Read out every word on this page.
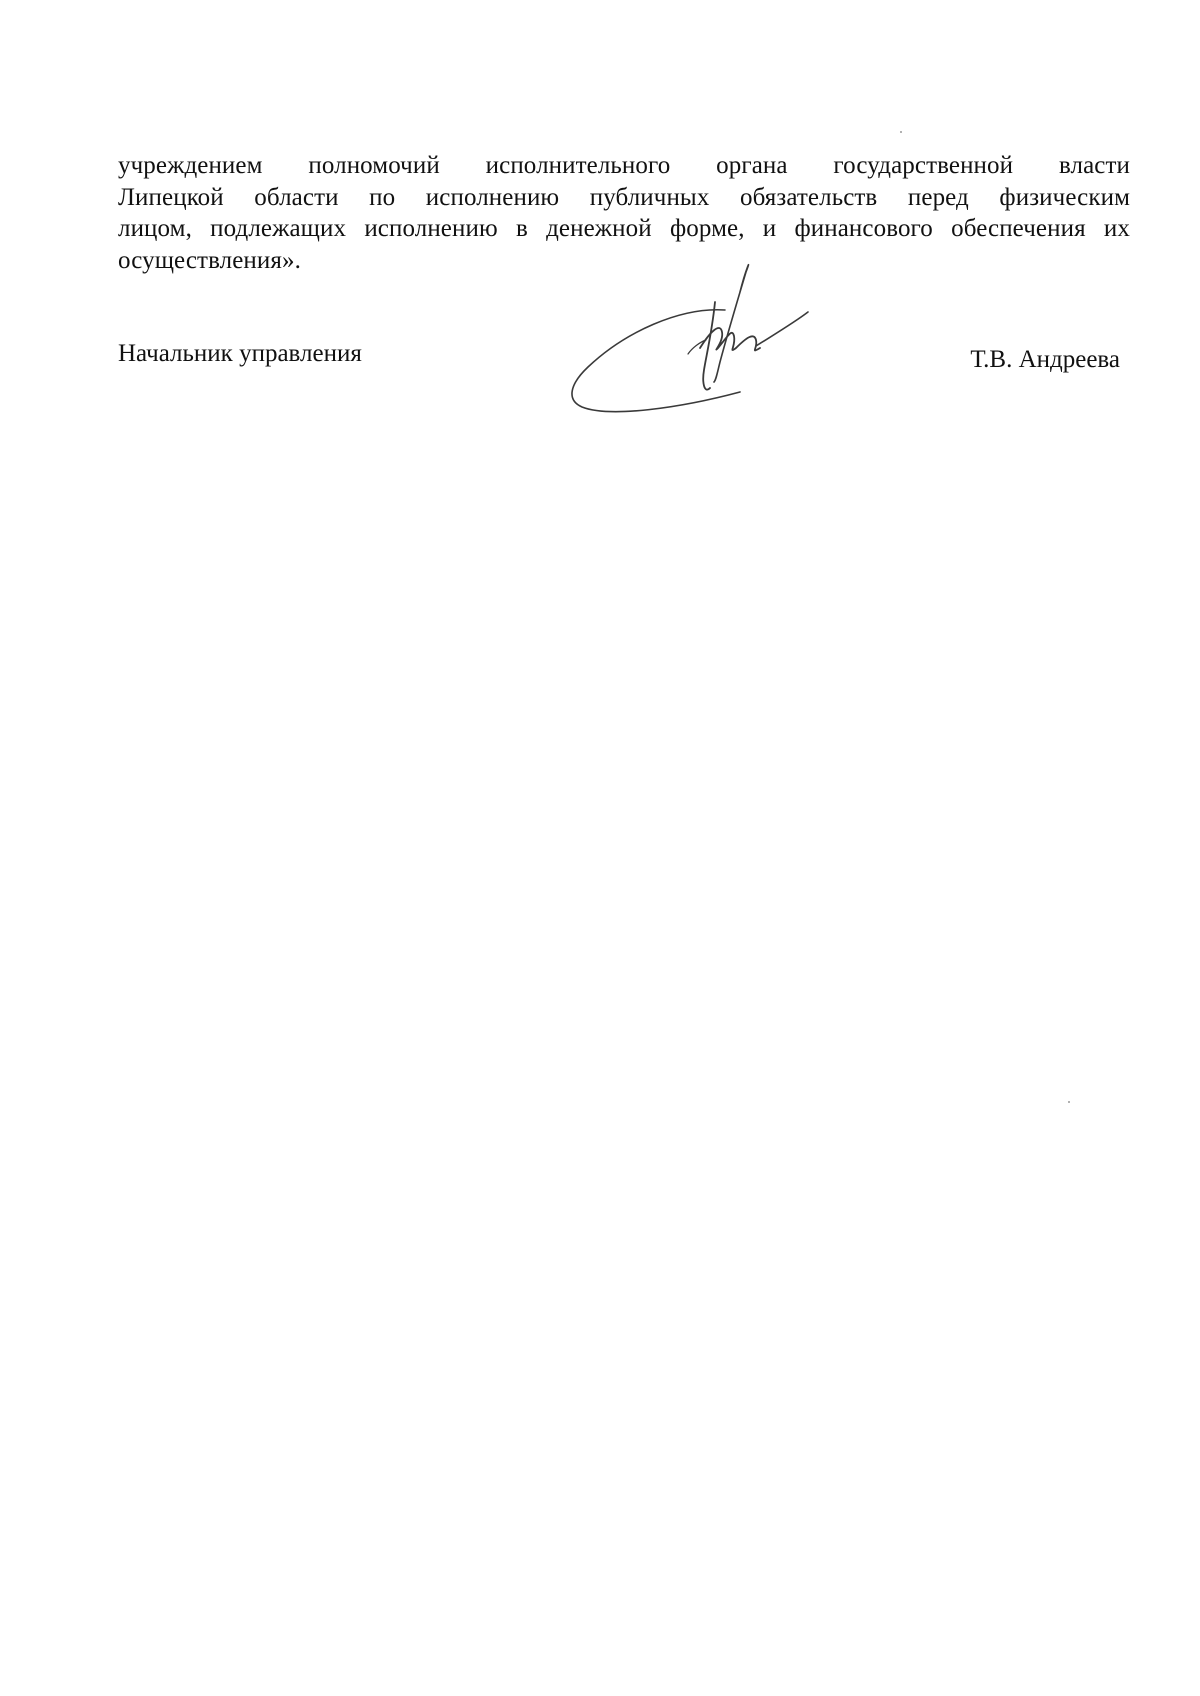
учреждением полномочий исполнительного органа государственной власти
Липецкой области по исполнению публичных обязательств перед физическим
лицом, подлежащих исполнению в денежной форме, и финансового обеспечения их
осуществления».
Начальник управления	Т.В. Андреева
